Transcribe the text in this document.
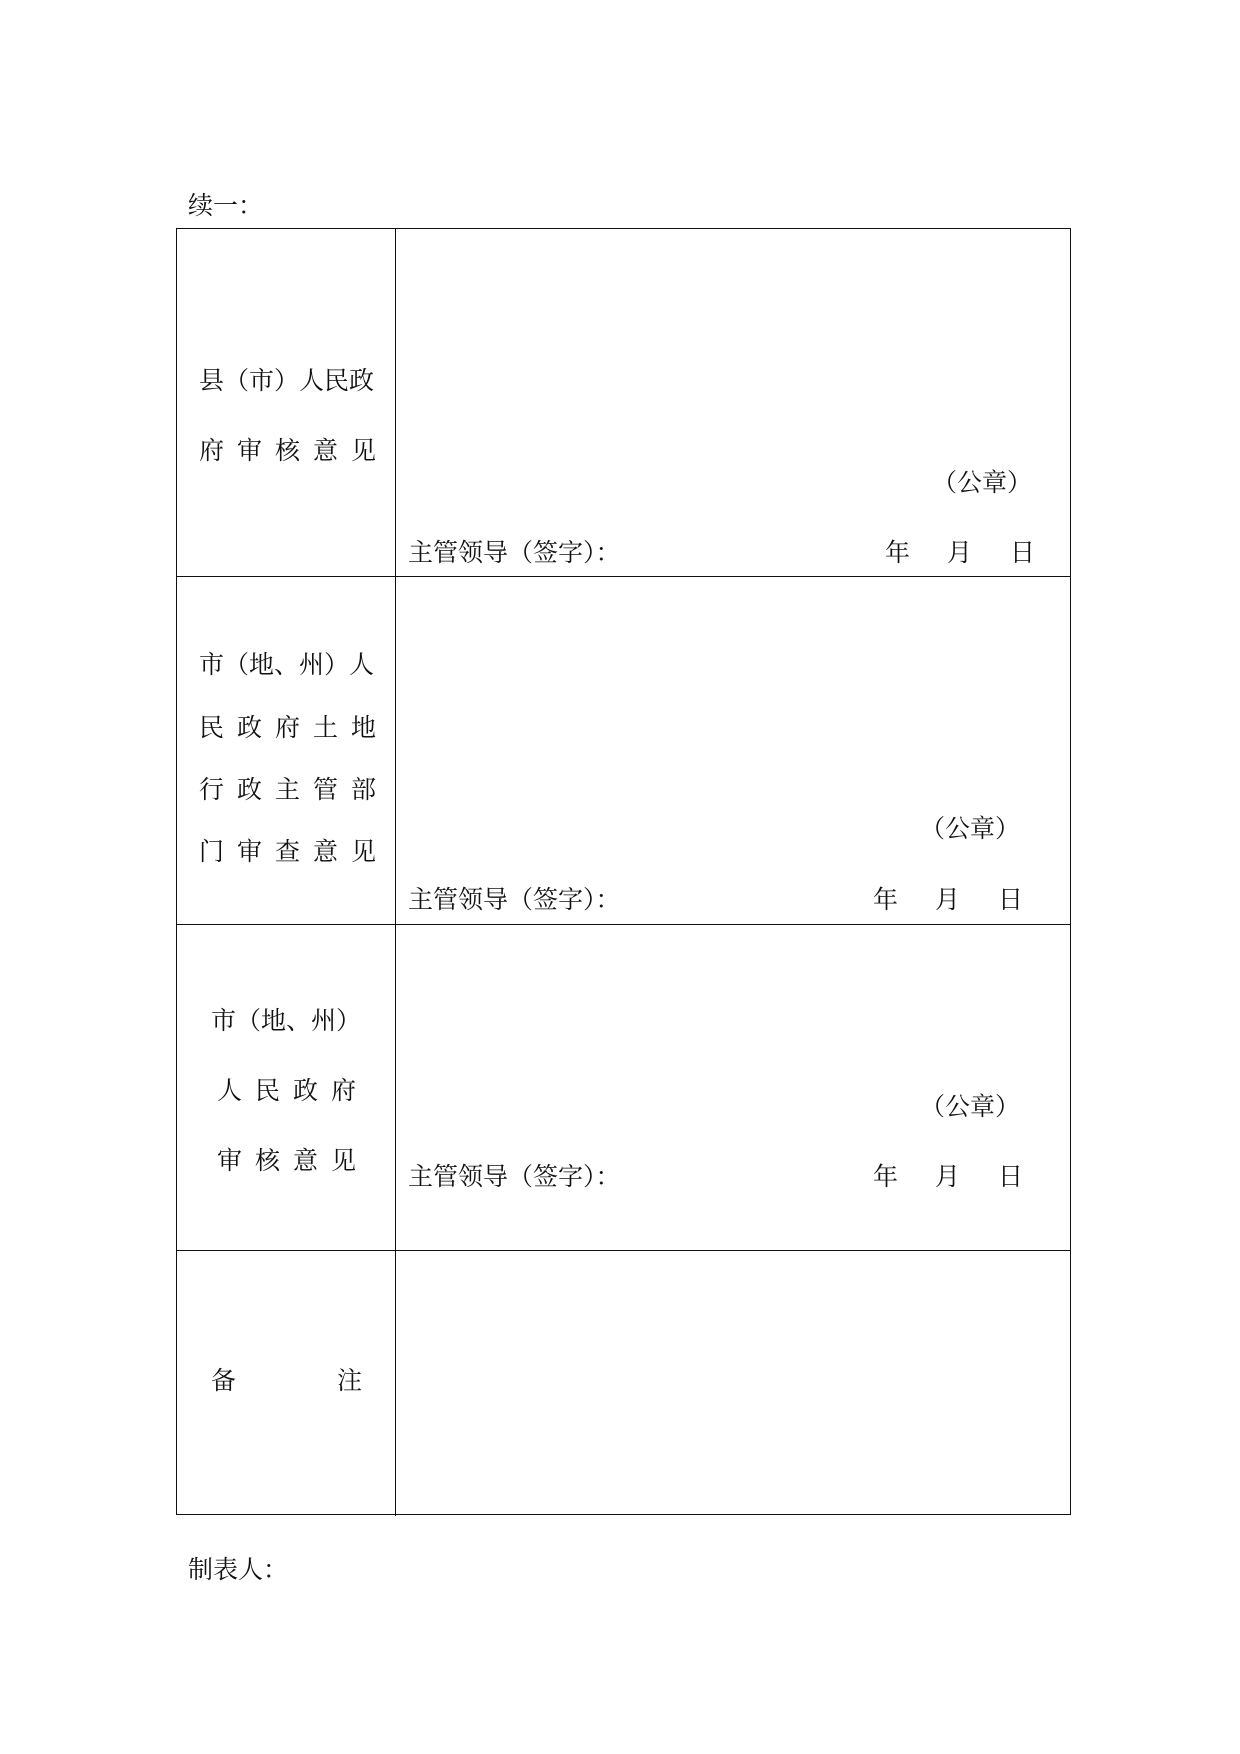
续一：
县（市）人民政
府审核意见
（公章）
主管领导（签字）：	年 月 日
市（地、州）人
民政府土地
行政主管部
门审查意见
（公章）
主管领导（签字）：	年 月 日
市（地、州）
人民政府
审核意见
（公章）
主管领导（签字）：	年 月 日
备	注
制表人：
